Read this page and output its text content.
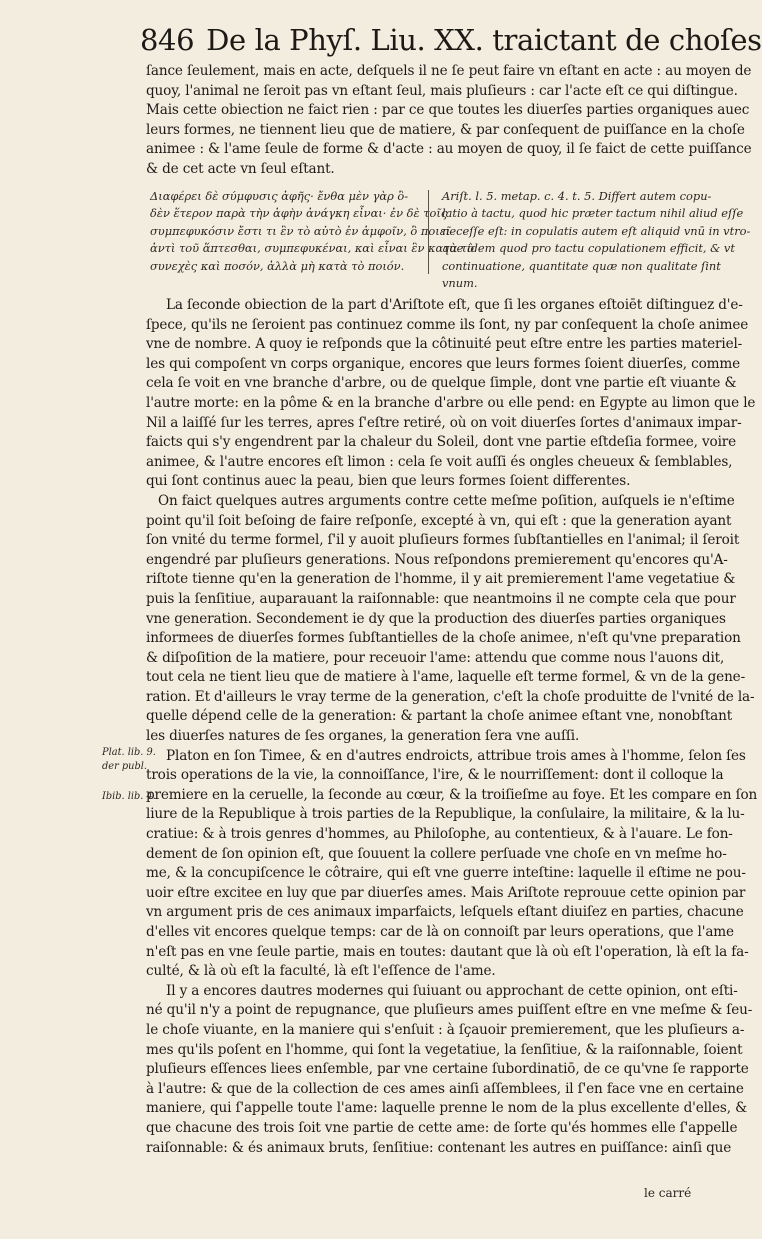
846 De la Phyſ. Liu. XX. traictant de choſes
ſance ſeulement, mais en acte, deſquels il ne ſe peut faire vn eſtant en acte : au moyen de
quoy, l'animal ne ſeroit pas vn eſtant ſeul, mais pluſieurs : car l'acte eſt ce qui diſtingue.
Mais cette obiection ne faict rien : par ce que toutes les diuerſes parties organiques auec
leurs formes, ne tiennent lieu que de matiere, & par conſequent de puiſſance en la choſe
animee : & l'ame ſeule de forme & d'acte : au moyen de quoy, il ſe faict de cette puiſſance
& de cet acte vn ſeul eſtant.
Διαφέρει δὲ σύμφυσις ἁφῆς· ἔνθα μὲν γὰρ ὂ-
δὲν ἕτερον παρὰ τὴν ἁφὴν ἀνάγκη εἶναι· ἐν δὲ τοῖς
συμπεφυκόσιν ἔστι τι ἓν τὸ αὐτὸ ἐν ἀμφοῖν, ὃ ποιεῖ
ἀντὶ τοῦ ἅπτεσθαι, συμπεφυκέναι, καὶ εἶναι ἓν κατὰ τὸ
συνεχὲς καὶ ποσόν, ἀλλὰ μὴ κατὰ τὸ ποιόν.
Ariſt. l. 5. metap. c. 4. t. 5. Differt autem copu-
latio à tactu, quod hic præter tactum nihil aliud eſſe
neceſſe eſt: in copulatis autem eſt aliquid vnū in vtro-
que idem quod pro tactu copulationem efficit, & vt
continuatione, quantitate quæ non qualitate ſint
vnum.
La ſeconde obiection de la part d'Ariſtote eſt, que ſi les organes eſtoiēt diſtinguez d'e-
ſpece, qu'ils ne ſeroient pas continuez comme ils ſont, ny par conſequent la choſe animee
vne de nombre. A quoy ie reſponds que la côtinuité peut eſtre entre les parties materiel-
les qui compoſent vn corps organique, encores que leurs formes ſoient diuerſes, comme
cela ſe voit en vne branche d'arbre, ou de quelque ſimple, dont vne partie eſt viuante &
l'autre morte: en la pôme & en la branche d'arbre ou elle pend: en Egypte au limon que le
Nil a laiſſé ſur les terres, apres ſ'eſtre retiré, où on voit diuerſes ſortes d'animaux impar-
faicts qui s'y engendrent par la chaleur du Soleil, dont vne partie eſtdeſia formee, voire
animee, & l'autre encores eſt limon : cela ſe voit auſſi és ongles cheueux & ſemblables,
qui ſont continus auec la peau, bien que leurs formes ſoient differentes.
On faict quelques autres arguments contre cette meſme poſition, auſquels ie n'eſtime
point qu'il ſoit beſoing de faire reſponſe, excepté à vn, qui eſt : que la generation ayant
ſon vnité du terme formel, ſ'il y auoit pluſieurs formes ſubſtantielles en l'animal; il ſeroit
engendré par pluſieurs generations. Nous reſpondons premierement qu'encores qu'A-
riſtote tienne qu'en la generation de l'homme, il y ait premierement l'ame vegetatiue &
puis la ſenſitiue, auparauant la raiſonnable: que neantmoins il ne compte cela que pour
vne generation. Secondement ie dy que la production des diuerſes parties organiques
informees de diuerſes formes ſubſtantielles de la choſe animee, n'eſt qu'vne preparation
& diſpoſition de la matiere, pour receuoir l'ame: attendu que comme nous l'auons dit,
tout cela ne tient lieu que de matiere à l'ame, laquelle eſt terme formel, & vn de la gene-
ration. Et d'ailleurs le vray terme de la generation, c'eſt la choſe produitte de l'vnité de la-
quelle dépend celle de la generation: & partant la choſe animee eſtant vne, nonobſtant
les diuerſes natures de ſes organes, la generation ſera vne auſſi.
Platon en ſon Timee, & en d'autres endroicts, attribue trois ames à l'homme, ſelon ſes
trois operations de la vie, la connoiſſance, l'ire, & le nourriſſement: dont il colloque la
premiere en la ceruelle, la ſeconde au cœur, & la troiſieſme au foye. Et les compare en ſon
liure de la Republique à trois parties de la Republique, la conſulaire, la militaire, & la lu-
cratiue: & à trois genres d'hommes, au Philoſophe, au contentieux, & à l'auare. Le fon-
dement de ſon opinion eſt, que ſouuent la collere perſuade vne choſe en vn meſme ho-
me, & la concupiſcence le côtraire, qui eſt vne guerre inteſtine: laquelle il eſtime ne pou-
uoir eſtre excitee en luy que par diuerſes ames. Mais Ariſtote reprouue cette opinion par
vn argument pris de ces animaux imparfaicts, leſquels eſtant diuiſez en parties, chacune
d'elles vit encores quelque temps: car de là on connoiſt par leurs operations, que l'ame
n'eſt pas en vne ſeule partie, mais en toutes: dautant que là où eſt l'operation, là eſt la fa-
culté, & là où eſt la faculté, là eſt l'eſſence de l'ame.
Il y a encores dautres modernes qui ſuiuant ou approchant de cette opinion, ont eſti-
né qu'il n'y a point de repugnance, que pluſieurs ames puiſſent eſtre en vne meſme & ſeu-
le choſe viuante, en la maniere qui s'enſuit : à ſçauoir premierement, que les pluſieurs a-
mes qu'ils poſent en l'homme, qui ſont la vegetatiue, la ſenſitiue, & la raiſonnable, ſoient
pluſieurs eſſences liees enſemble, par vne certaine ſubordinatiō, de ce qu'vne ſe rapporte
à l'autre: & que de la collection de ces ames ainſi aſſemblees, il ſ'en face vne en certaine
maniere, qui ſ'appelle toute l'ame: laquelle prenne le nom de la plus excellente d'elles, &
que chacune des trois ſoit vne partie de cette ame: de ſorte qu'és hommes elle ſ'appelle
raiſonnable: & és animaux bruts, ſenſitiue: contenant les autres en puiſſance: ainſi que
Plat. lib. 9.
der publ.
Ibib. lib. 4.
le carré
